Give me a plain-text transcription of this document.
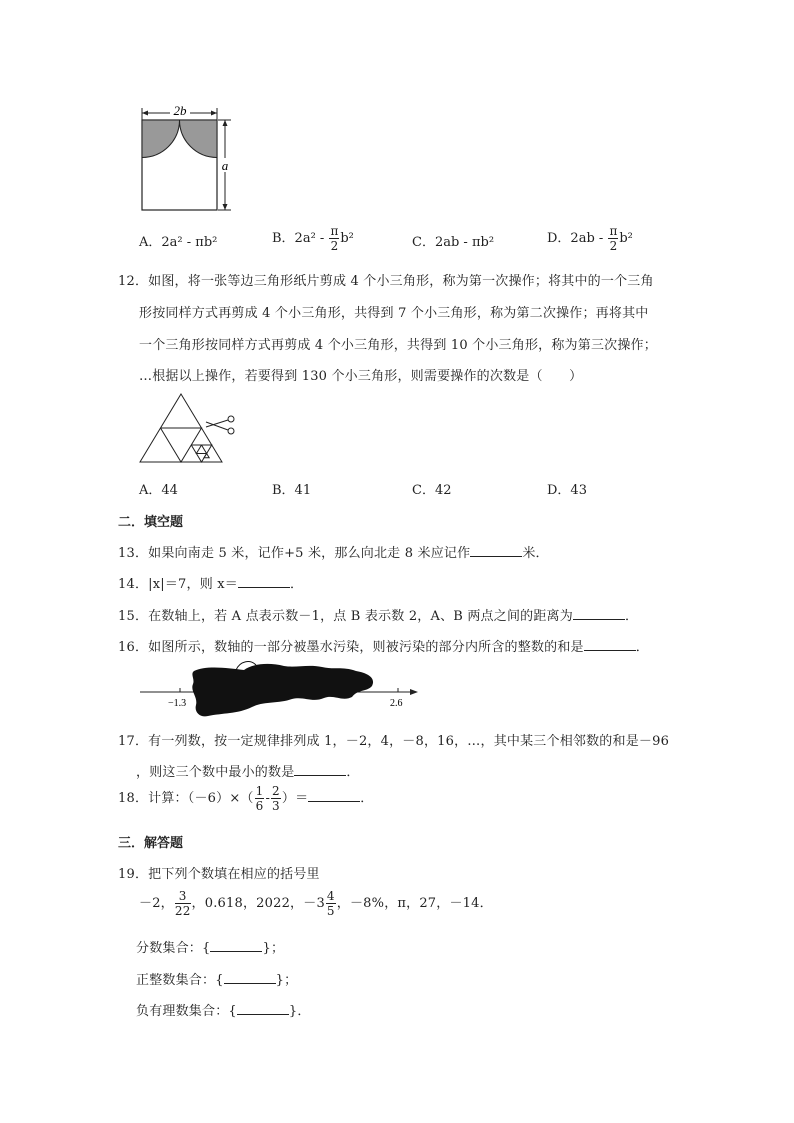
2b
a
A．2a² - πb²	B．$2a^2 - \frac{\pi}{2} b^2$	C．2ab - πb²	D．$2ab - \frac{\pi}{2} b^2$
12．如图，将一张等边三角形纸片剪成 4 个小三角形，称为第一次操作；将其中的一个三角
形按同样方式再剪成 4 个小三角形，共得到 7 个小三角形，称为第二次操作；再将其中
一个三角形按同样方式再剪成 4 个小三角形，共得到 10 个小三角形，称为第三次操作；
…根据以上操作，若要得到 130 个小三角形，则需要操作的次数是（　　）
A．44	B．41	C．42	D．43
二．填空题
13．如果向南走 5 米，记作+5 米，那么向北走 8 米应记作	米．
14．|x|＝7，则 x＝	．
15．在数轴上，若 A 点表示数－1，点 B 表示数 2，A、B 两点之间的距离为	．
16．如图所示，数轴的一部分被墨水污染，则被污染的部分内所含的整数的和是	．
−1.3	2.6
17．有一列数，按一定规律排列成 1，－2，4，－8，16，…，其中某三个相邻数的和是－96
，则这三个数中最小的数是	．
18．计算：$(-6)\times( \frac{1}{6} - \frac{2}{3}$ ）＝	．
三．解答题
19．把下列个数填在相应的括号里
－2， $\frac{3}{22}$ ，0.618，2022，$-3 \frac{4}{5}$ ，－8%，π，27，－14．
分数集合：{	}；
正整数集合：{	}；
负有理数集合：{	}．
